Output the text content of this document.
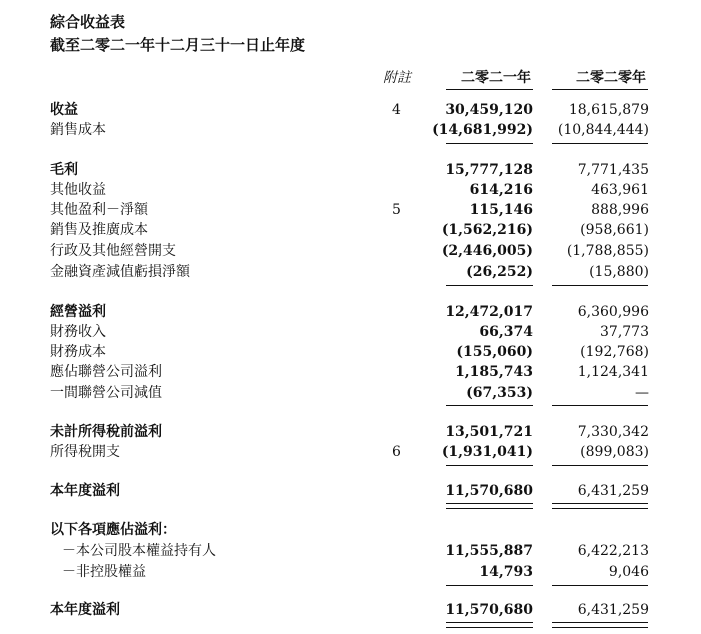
綜合收益表
截至二零二一年十二月三十一日止年度
附註	二零二一年	二零二零年
收益	4	30,459,120	18,615,879
銷售成本	(14,681,992) (10,844,444)
毛利	15,777,128	7,771,435
其他收益	614,216	463,961
其他盈利－淨額	5	115,146	888,996
銷售及推廣成本	(1,562,216)	(958,661)
行政及其他經營開支	(2,446,005) (1,788,855)
金融資產減值虧損淨額	(26,252)	(15,880)
經營溢利	12,472,017	6,360,996
財務收入	66,374	37,773
財務成本	(155,060)	(192,768)
應佔聯營公司溢利	1,185,743	1,124,341
一間聯營公司減值	(67,353)	—
未計所得稅前溢利	13,501,721	7,330,342
所得稅開支	6	(1,931,041)	(899,083)
本年度溢利	11,570,680	6,431,259
以下各項應佔溢利：
－本公司股本權益持有人	11,555,887	6,422,213
－非控股權益	14,793	9,046
本年度溢利	11,570,680	6,431,259
